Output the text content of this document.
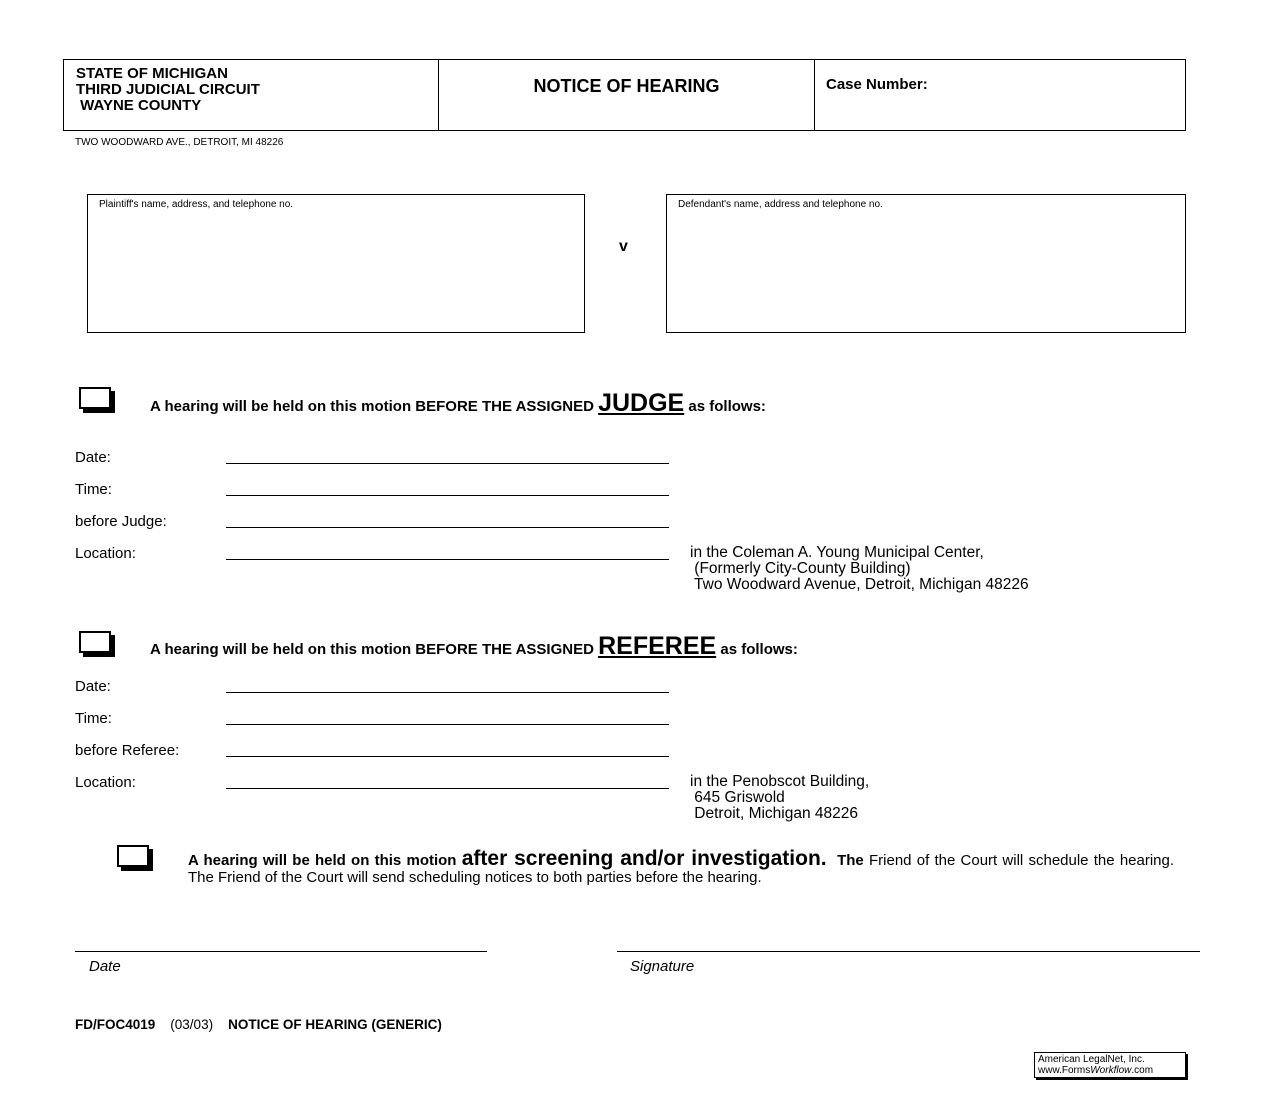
STATE OF MICHIGAN
THIRD JUDICIAL CIRCUIT
WAYNE COUNTY
NOTICE OF HEARING	Case Number:
TWO WOODWARD AVE., DETROIT, MI 48226
Plaintiff's name, address, and telephone no.
v
Defendant's name, address and telephone no.
A hearing will be held on this motion BEFORE THE ASSIGNED JUDGE as follows:
Date:
Time:
before Judge:
Location:	in the Coleman A. Young Municipal Center,
(Formerly City-County Building)
Two Woodward Avenue, Detroit, Michigan 48226
A hearing will be held on this motion BEFORE THE ASSIGNED REFEREE as follows:
Date:
Time:
before Referee:
Location:	in the Penobscot Building,
645 Griswold
Detroit, Michigan 48226
A hearing will be held on this motion after screening and/or investigation. The Friend of the Court will schedule the hearing. The Friend of the Court will send scheduling notices to both parties before the hearing.
Date	Signature
FD/FOC4019 (03/03) NOTICE OF HEARING (GENERIC)
American LegalNet, Inc.
www.FormsWorkflow.com
